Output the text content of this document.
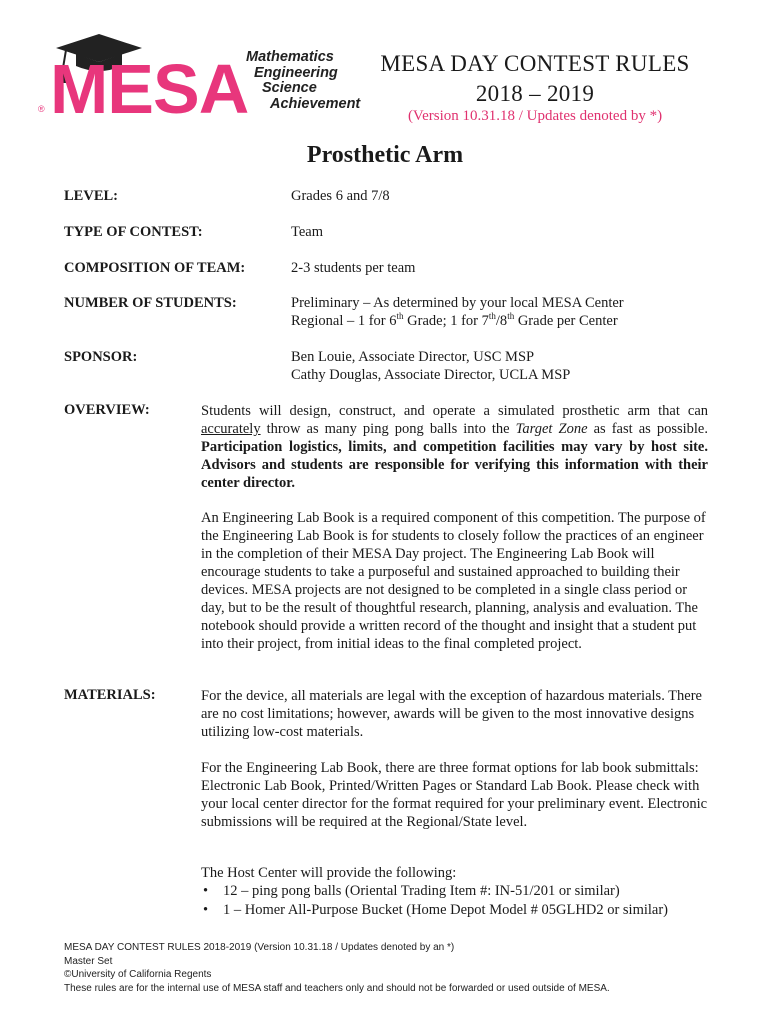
MESA
®
Mathematics
Engineering
Science
Achievement
MESA DAY CONTEST RULES
2018 – 2019
(Version 10.31.18 / Updates denoted by *)
Prosthetic Arm
LEVEL:	Grades 6 and 7/8
TYPE OF CONTEST:	Team
COMPOSITION OF TEAM:	2-3 students per team
NUMBER OF STUDENTS:	Preliminary – As determined by your local MESA Center
Regional – 1 for 6th Grade; 1 for 7th/8th Grade per Center
SPONSOR:	Ben Louie, Associate Director, USC MSP
Cathy Douglas, Associate Director, UCLA MSP
OVERVIEW:	Students will design, construct, and operate a simulated prosthetic arm that can accurately throw as many ping pong balls into the Target Zone as fast as possible. Participation logistics, limits, and competition facilities may vary by host site. Advisors and students are responsible for verifying this information with their center director.
An Engineering Lab Book is a required component of this competition. The purpose of the Engineering Lab Book is for students to closely follow the practices of an engineer in the completion of their MESA Day project. The Engineering Lab Book will encourage students to take a purposeful and sustained approached to building their devices. MESA projects are not designed to be completed in a single class period or day, but to be the result of thoughtful research, planning, analysis and evaluation. The notebook should provide a written record of the thought and insight that a student put into their project, from initial ideas to the final completed project.
MATERIALS:	For the device, all materials are legal with the exception of hazardous materials. There are no cost limitations; however, awards will be given to the most innovative designs utilizing low-cost materials.
For the Engineering Lab Book, there are three format options for lab book submittals: Electronic Lab Book, Printed/Written Pages or Standard Lab Book. Please check with your local center director for the format required for your preliminary event. Electronic submissions will be required at the Regional/State level.
The Host Center will provide the following:
• 12 – ping pong balls (Oriental Trading Item #: IN-51/201 or similar)
• 1 – Homer All-Purpose Bucket (Home Depot Model # 05GLHD2 or similar)
MESA DAY CONTEST RULES 2018-2019 (Version 10.31.18 / Updates denoted by an *)
Master Set
©University of California Regents
These rules are for the internal use of MESA staff and teachers only and should not be forwarded or used outside of MESA.
